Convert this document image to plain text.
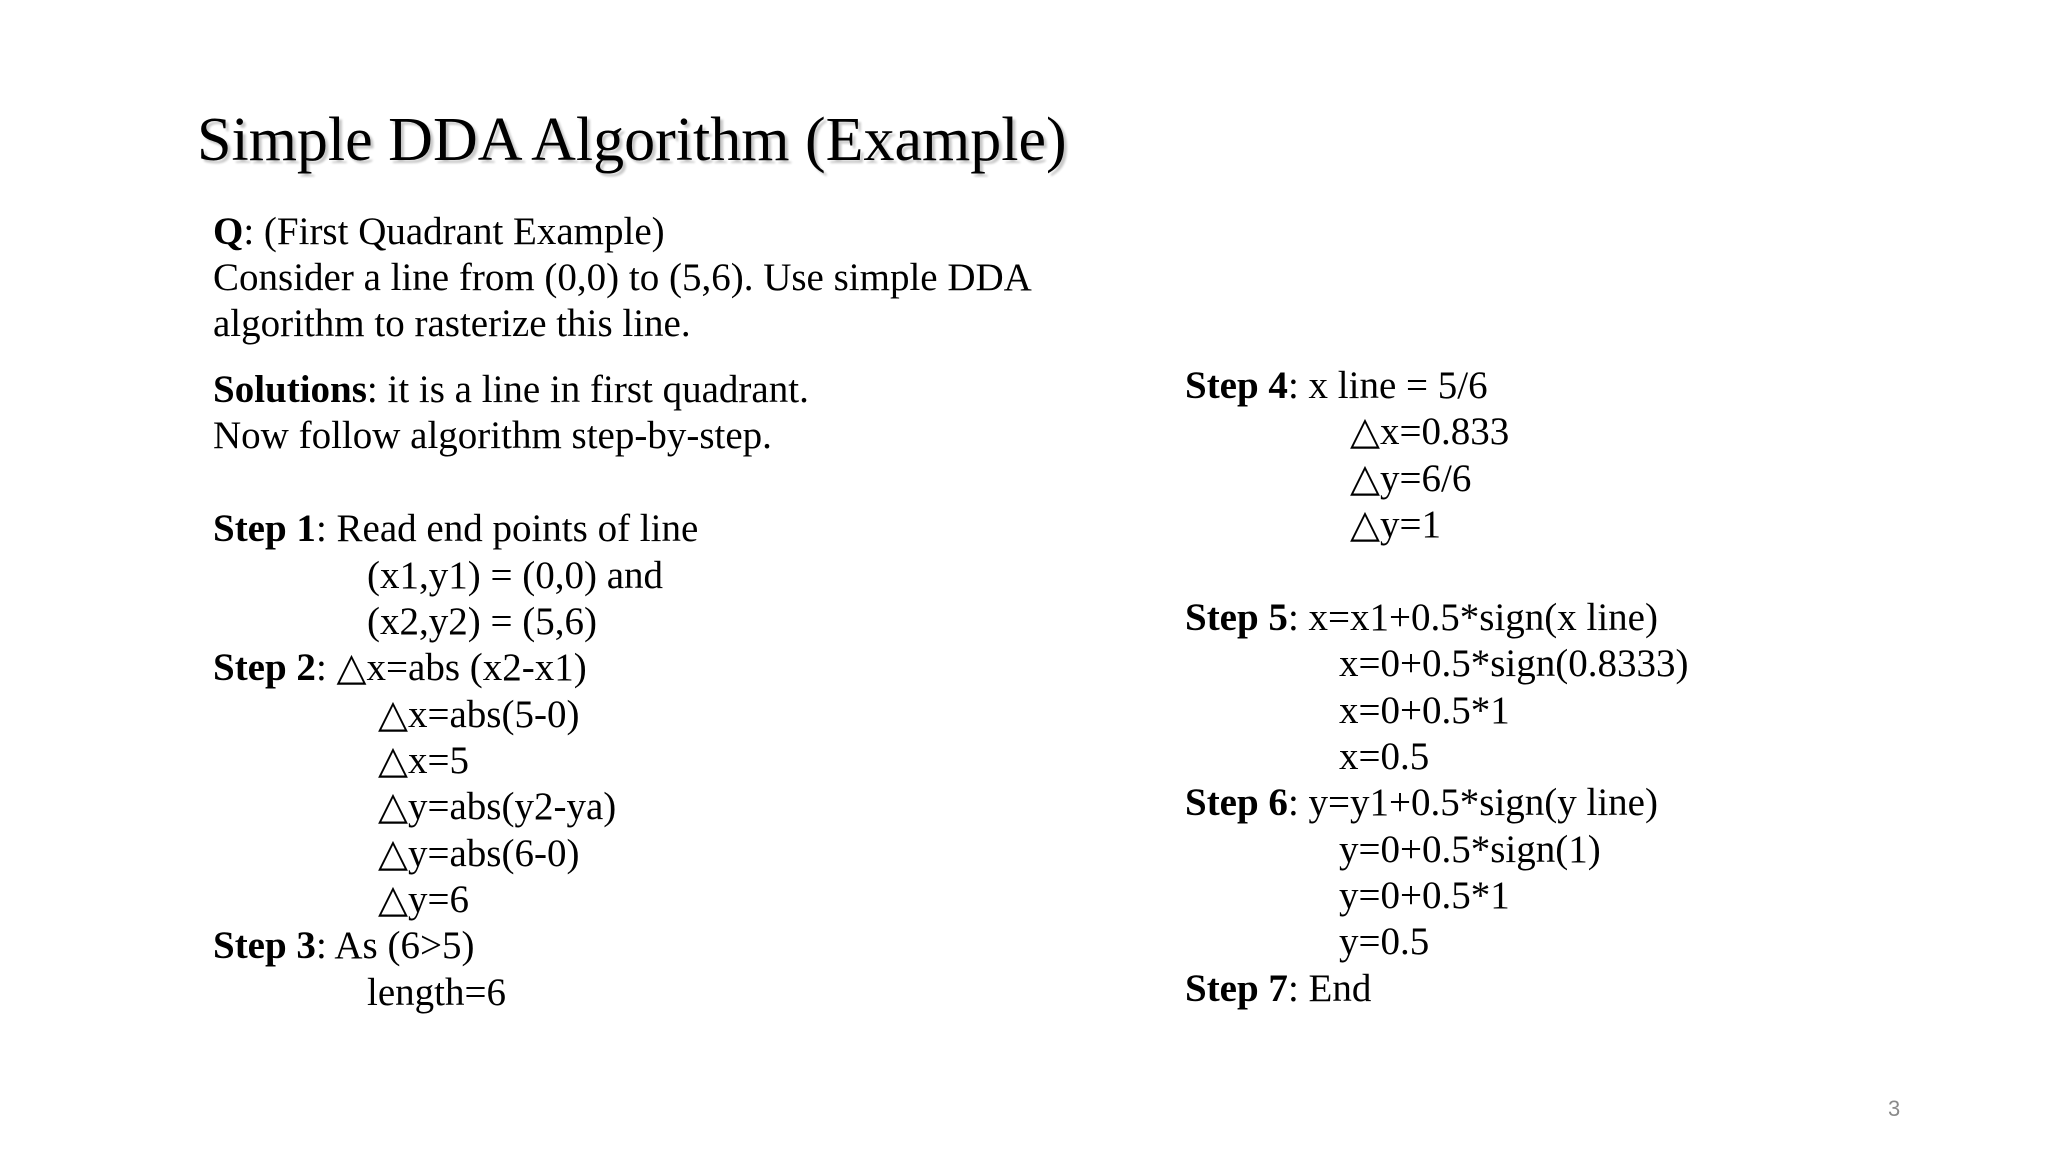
Simple DDA Algorithm (Example)
Q: (First Quadrant Example)
Consider a line from (0,0) to (5,6). Use simple DDA
algorithm to rasterize this line.
Solutions: it is a line in first quadrant.
Now follow algorithm step-by-step.
Step 1: Read end points of line
(x1,y1) = (0,0) and
(x2,y2) = (5,6)
Step 2: △x=abs (x2-x1)
△x=abs(5-0)
△x=5
△y=abs(y2-ya)
△y=abs(6-0)
△y=6
Step 3: As (6>5)
length=6
Step 4: x line = 5/6
△x=0.833
△y=6/6
△y=1
Step 5: x=x1+0.5*sign(x line)
x=0+0.5*sign(0.8333)
x=0+0.5*1
x=0.5
Step 6: y=y1+0.5*sign(y line)
y=0+0.5*sign(1)
y=0+0.5*1
y=0.5
Step 7: End
3
